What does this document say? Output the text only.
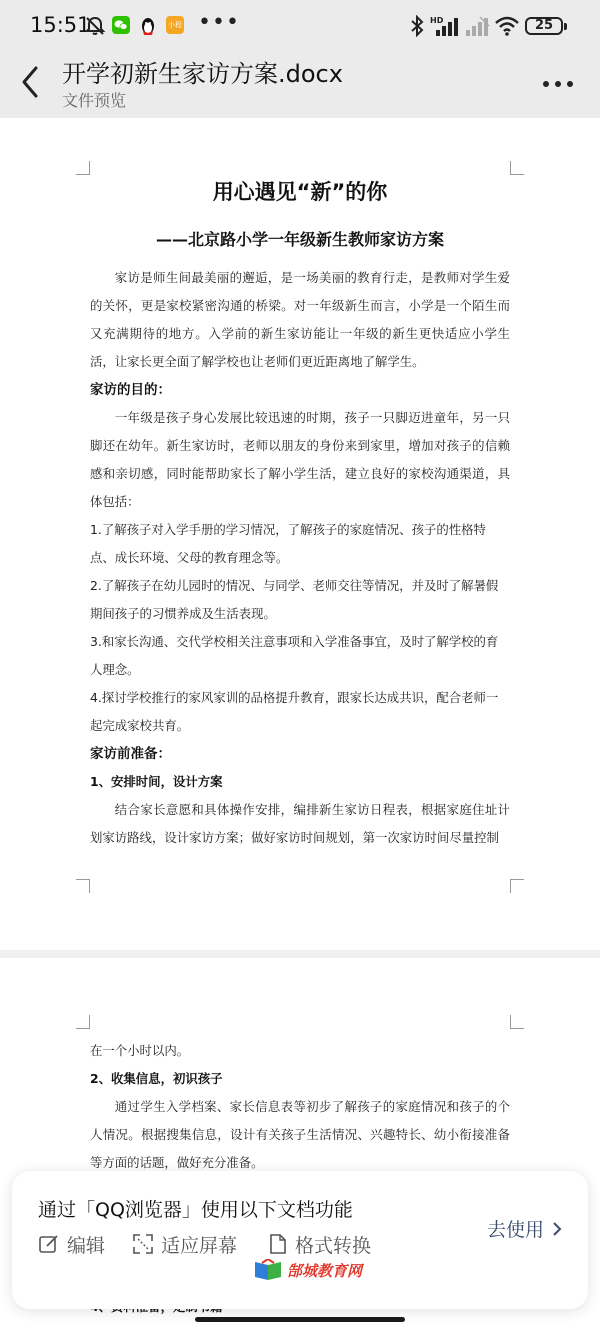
15:51	小程 •••	HD	25
开学初新生家访方案.docx
文件预览
用心遇见“新”的你
——北京路小学一年级新生教师家访方案

家访是师生间最美丽的邂逅，是一场美丽的教育行走，是教师对学生爱的关怀，更是家校紧密沟通的桥梁。对一年级新生而言，小学是一个陌生而又充满期待的地方。入学前的新生家访能让一年级的新生更快适应小学生活，让家长更全面了解学校也让老师们更近距离地了解学生。

家访的目的：

一年级是孩子身心发展比较迅速的时期，孩子一只脚迈进童年，另一只脚还在幼年。新生家访时，老师以朋友的身份来到家里，增加对孩子的信赖感和亲切感，同时能帮助家长了解小学生活，建立良好的家校沟通渠道，具体包括：

1.了解孩子对入学手册的学习情况，了解孩子的家庭情况、孩子的性格特点、成长环境、父母的教育理念等。

2.了解孩子在幼儿园时的情况、与同学、老师交往等情况，并及时了解暑假期间孩子的习惯养成及生活表现。

3.和家长沟通、交代学校相关注意事项和入学准备事宜，及时了解学校的育人理念。

4.探讨学校推行的家风家训的品格提升教育，跟家长达成共识，配合老师一起完成家校共育。

家访前准备：
1、安排时间，设计方案

结合家长意愿和具体操作安排，编排新生家访日程表，根据家庭住址计划家访路线，设计家访方案；做好家访时间规划，第一次家访时间尽量控制

在一个小时以内。

2、收集信息，初识孩子

通过学生入学档案、家长信息表等初步了解孩子的家庭情况和孩子的个人情况。根据搜集信息，设计有关孩子生活情况、兴趣特长、幼小衔接准备等方面的话题，做好充分准备。

通过「QQ浏览器」使用以下文档功能
编辑	适应屏幕	格式转换
去使用
郜城教育网
